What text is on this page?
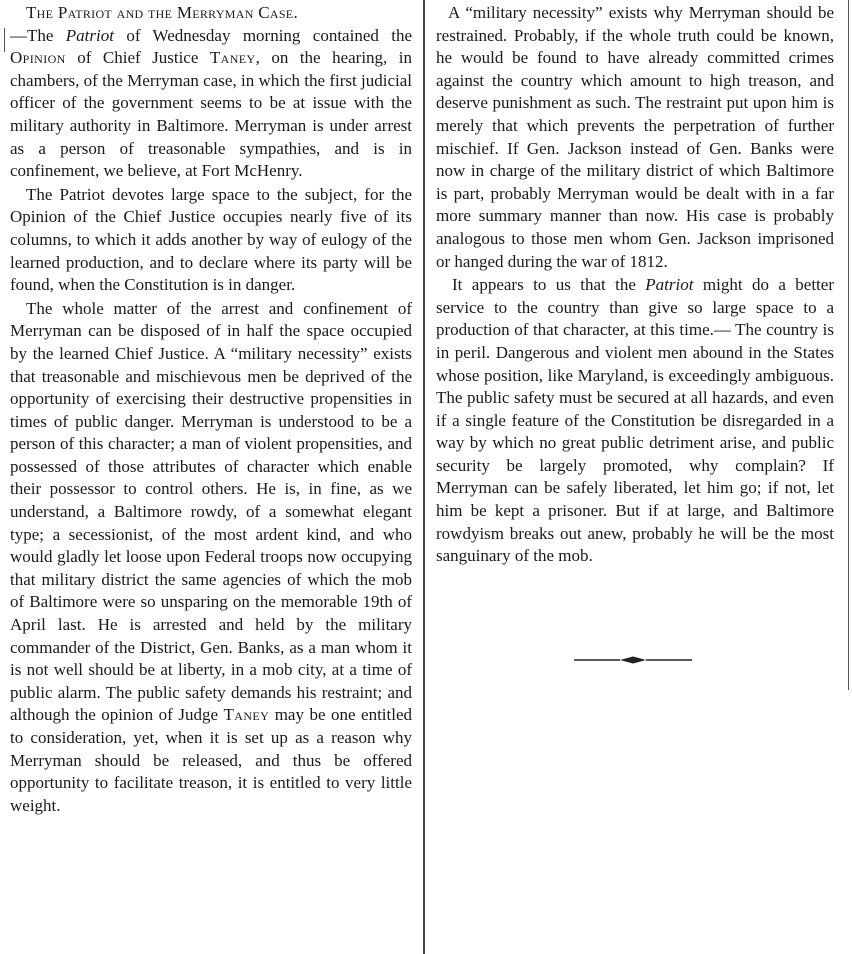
The Patriot and the Merryman Case.
—The Patriot of Wednesday morning contained the Opinion of Chief Justice Taney, on the hearing, in chambers, of the Merryman case, in which the first judicial officer of the government seems to be at issue with the military authority in Baltimore. Merryman is under arrest as a person of treasonable sympathies, and is in confinement, we believe, at Fort McHenry.

The Patriot devotes large space to the subject, for the Opinion of the Chief Justice occupies nearly five of its columns, to which it adds another by way of eulogy of the learned production, and to declare where its party will be found, when the Constitution is in danger.

The whole matter of the arrest and confinement of Merryman can be disposed of in half the space occupied by the learned Chief Justice. A “military necessity” exists that treasonable and mischievous men be deprived of the opportunity of exercising their destructive propensities in times of public danger. Merryman is understood to be a person of this character; a man of violent propensities, and possessed of those attributes of character which enable their possessor to control others. He is, in fine, as we understand, a Baltimore rowdy, of a somewhat elegant type; a secessionist, of the most ardent kind, and who would gladly let loose upon Federal troops now occupying that military district the same agencies of which the mob of Baltimore were so unsparing on the memorable 19th of April last. He is arrested and held by the military commander of the District, Gen. Banks, as a man whom it is not well should be at liberty, in a mob city, at a time of public alarm. The public safety demands his restraint; and although the opinion of Judge Taney may be one entitled to consideration, yet, when it is set up as a reason why Merryman should be released, and thus be offered opportunity to facilitate treason, it is entitled to very little weight.

A “military necessity” exists why Merryman should be restrained. Probably, if the whole truth could be known, he would be found to have already committed crimes against the country which amount to high treason, and deserve punishment as such. The restraint put upon him is merely that which prevents the perpetration of further mischief. If Gen. Jackson instead of Gen. Banks were now in charge of the military district of which Baltimore is part, probably Merryman would be dealt with in a far more summary manner than now. His case is probably analogous to those men whom Gen. Jackson imprisoned or hanged during the war of 1812.

It appears to us that the Patriot might do a better service to the country than give so large space to a production of that character, at this time.— The country is in peril. Dangerous and violent men abound in the States whose position, like Maryland, is exceedingly ambiguous. The public safety must be secured at all hazards, and even if a single feature of the Constitution be disregarded in a way by which no great public detriment arise, and public security be largely promoted, why complain? If Merryman can be safely liberated, let him go; if not, let him be kept a prisoner. But if at large, and Baltimore rowdyism breaks out anew, probably he will be the most sanguinary of the mob.
